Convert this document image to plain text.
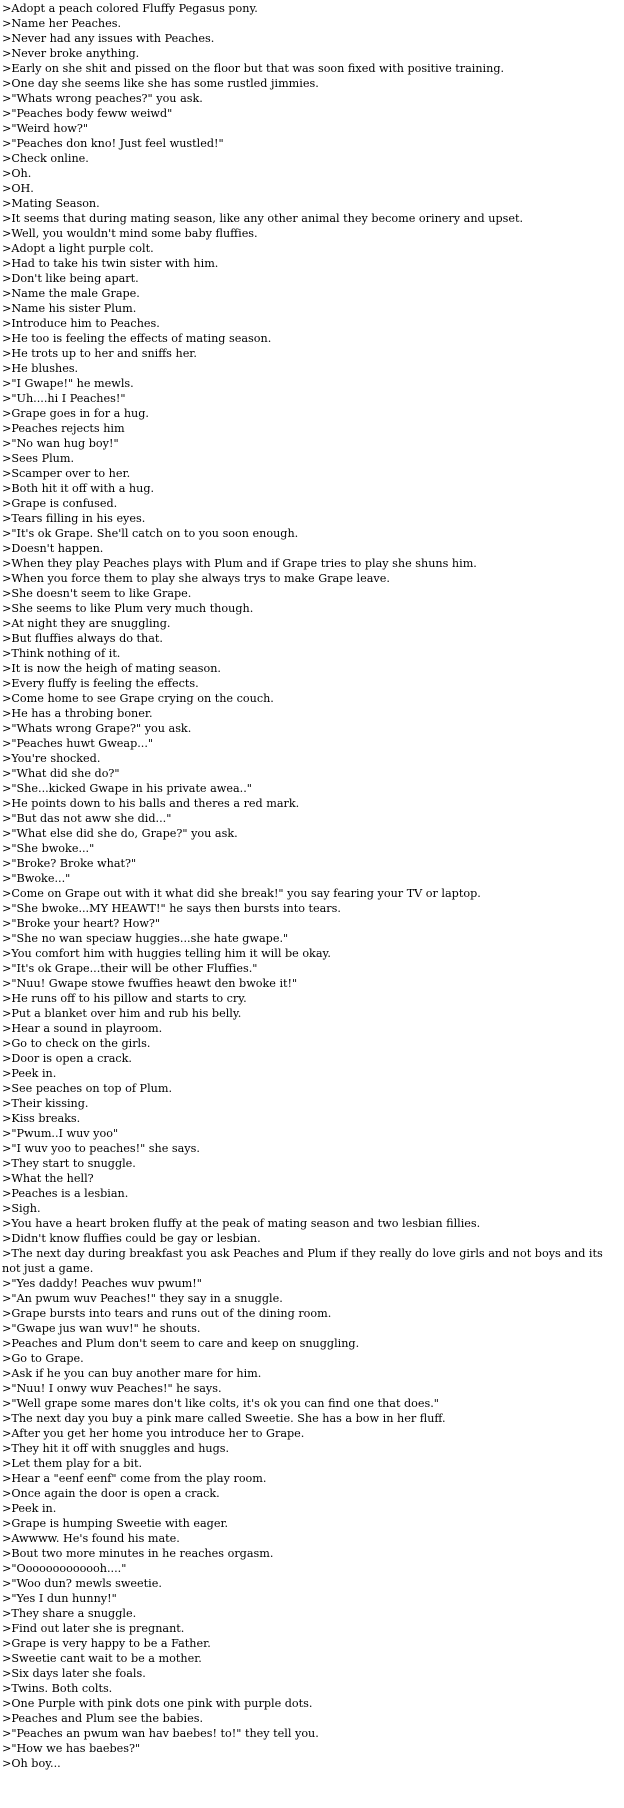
>Adopt a peach colored Fluffy Pegasus pony.
>Name her Peaches.
>Never had any issues with Peaches.
>Never broke anything.
>Early on she shit and pissed on the floor but that was soon fixed with positive training.
>One day she seems like she has some rustled jimmies.
>"Whats wrong peaches?" you ask.
>"Peaches body feww weiwd"
>"Weird how?"
>"Peaches don kno! Just feel wustled!"
>Check online.
>Oh.
>OH.
>Mating Season.
>It seems that during mating season, like any other animal they become orinery and upset.
>Well, you wouldn't mind some baby fluffies.
>Adopt a light purple colt.
>Had to take his twin sister with him.
>Don't like being apart.
>Name the male Grape.
>Name his sister Plum.
>Introduce him to Peaches.
>He too is feeling the effects of mating season.
>He trots up to her and sniffs her.
>He blushes.
>"I Gwape!" he mewls.
>"Uh....hi I Peaches!"
>Grape goes in for a hug.
>Peaches rejects him
>"No wan hug boy!"
>Sees Plum.
>Scamper over to her.
>Both hit it off with a hug.
>Grape is confused.
>Tears filling in his eyes.
>"It's ok Grape. She'll catch on to you soon enough.
>Doesn't happen.
>When they play Peaches plays with Plum and if Grape tries to play she shuns him.
>When you force them to play she always trys to make Grape leave.
>She doesn't seem to like Grape.
>She seems to like Plum very much though.
>At night they are snuggling.
>But fluffies always do that.
>Think nothing of it.
>It is now the heigh of mating season.
>Every fluffy is feeling the effects.
>Come home to see Grape crying on the couch.
>He has a throbing boner.
>"Whats wrong Grape?" you ask.
>"Peaches huwt Gweap..."
>You're shocked.
>"What did she do?"
>"She...kicked Gwape in his private awea.."
>He points down to his balls and theres a red mark.
>"But das not aww she did..."
>"What else did she do, Grape?" you ask.
>"She bwoke..."
>"Broke? Broke what?"
>"Bwoke..."
>Come on Grape out with it what did she break!" you say fearing your TV or laptop.
>"She bwoke...MY HEAWT!" he says then bursts into tears.
>"Broke your heart? How?"
>"She no wan speciaw huggies...she hate gwape."
>You comfort him with huggies telling him it will be okay.
>"It's ok Grape...their will be other Fluffies."
>"Nuu! Gwape stowe fwuffies heawt den bwoke it!"
>He runs off to his pillow and starts to cry.
>Put a blanket over him and rub his belly.
>Hear a sound in playroom.
>Go to check on the girls.
>Door is open a crack.
>Peek in.
>See peaches on top of Plum.
>Their kissing.
>Kiss breaks.
>"Pwum..I wuv yoo"
>"I wuv yoo to peaches!" she says.
>They start to snuggle.
>What the hell?
>Peaches is a lesbian.
>Sigh.
>You have a heart broken fluffy at the peak of mating season and two lesbian fillies.
>Didn't know fluffies could be gay or lesbian.
>The next day during breakfast you ask Peaches and Plum if they really do love girls and not boys and its not just a game.
>"Yes daddy! Peaches wuv pwum!"
>"An pwum wuv Peaches!" they say in a snuggle.
>Grape bursts into tears and runs out of the dining room.
>"Gwape jus wan wuv!" he shouts.
>Peaches and Plum don't seem to care and keep on snuggling.
>Go to Grape.
>Ask if he you can buy another mare for him.
>"Nuu! I onwy wuv Peaches!" he says.
>"Well grape some mares don't like colts, it's ok you can find one that does."
>The next day you buy a pink mare called Sweetie. She has a bow in her fluff.
>After you get her home you introduce her to Grape.
>They hit it off with snuggles and hugs.
>Let them play for a bit.
>Hear a "eenf eenf" come from the play room.
>Once again the door is open a crack.
>Peek in.
>Grape is humping Sweetie with eager.
>Awwww. He's found his mate.
>Bout two more minutes in he reaches orgasm.
>"Ooooooooooooh...."
>"Woo dun? mewls sweetie.
>"Yes I dun hunny!"
>They share a snuggle.
>Find out later she is pregnant.
>Grape is very happy to be a Father.
>Sweetie cant wait to be a mother.
>Six days later she foals.
>Twins. Both colts.
>One Purple with pink dots one pink with purple dots.
>Peaches and Plum see the babies.
>"Peaches an pwum wan hav baebes! to!" they tell you.
>"How we has baebes?"
>Oh boy...
